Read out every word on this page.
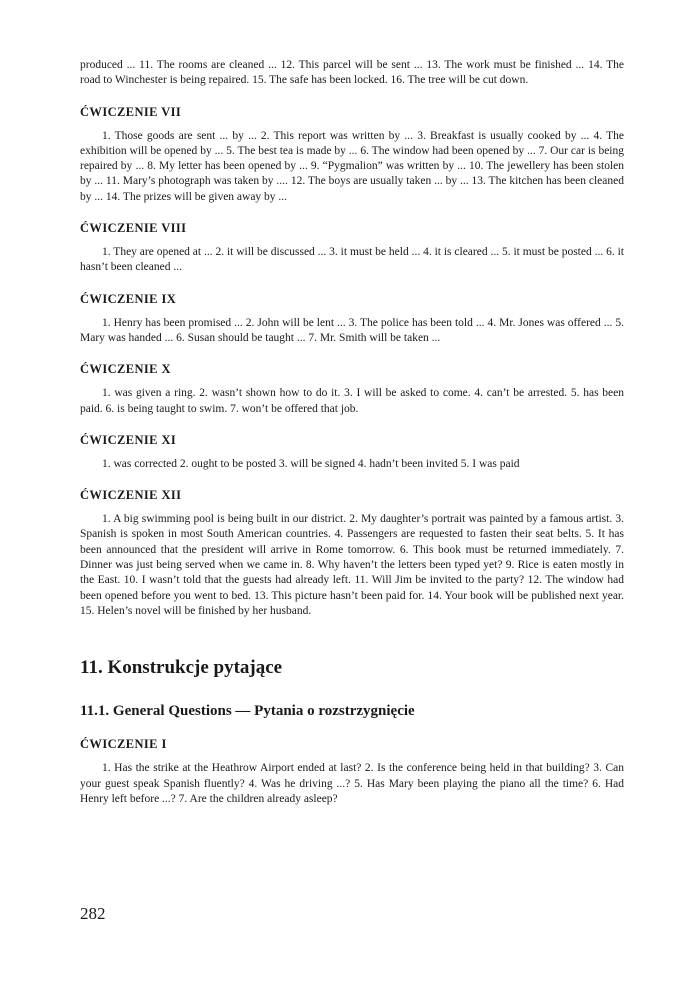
produced ... 11. The rooms are cleaned ... 12. This parcel will be sent ... 13. The work must be finished ... 14. The road to Winchester is being repaired. 15. The safe has been locked. 16. The tree will be cut down.

ĆWICZENIE VII

1. Those goods are sent ... by ... 2. This report was written by ... 3. Breakfast is usually cooked by ... 4. The exhibition will be opened by ... 5. The best tea is made by ... 6. The window had been opened by ... 7. Our car is being repaired by ... 8. My letter has been opened by ... 9. “Pygmalion” was written by ... 10. The jewellery has been stolen by ... 11. Mary’s photograph was taken by .... 12. The boys are usually taken ... by ... 13. The kitchen has been cleaned by ... 14. The prizes will be given away by ...

ĆWICZENIE VIII

1. They are opened at ... 2. it will be discussed ... 3. it must be held ... 4. it is cleared ... 5. it must be posted ... 6. it hasn’t been cleaned ...

ĆWICZENIE IX

1. Henry has been promised ... 2. John will be lent ... 3. The police has been told ... 4. Mr. Jones was offered ... 5. Mary was handed ... 6. Susan should be taught ... 7. Mr. Smith will be taken ...

ĆWICZENIE X

1. was given a ring. 2. wasn’t shown how to do it. 3. I will be asked to come. 4. can’t be arrested. 5. has been paid. 6. is being taught to swim. 7. won’t be offered that job.

ĆWICZENIE XI

1. was corrected 2. ought to be posted 3. will be signed 4. hadn’t been invited 5. I was paid

ĆWICZENIE XII

1. A big swimming pool is being built in our district. 2. My daughter’s portrait was painted by a famous artist. 3. Spanish is spoken in most South American countries. 4. Passengers are requested to fasten their seat belts. 5. It has been announced that the president will arrive in Rome tomorrow. 6. This book must be returned immediately. 7. Dinner was just being served when we came in. 8. Why haven’t the letters been typed yet? 9. Rice is eaten mostly in the East. 10. I wasn’t told that the guests had already left. 11. Will Jim be invited to the party? 12. The window had been opened before you went to bed. 13. This picture hasn’t been paid for. 14. Your book will be published next year. 15. Helen’s novel will be finished by her husband.

11. Konstrukcje pytające
11.1. General Questions — Pytania o rozstrzygnięcie
ĆWICZENIE I

1. Has the strike at the Heathrow Airport ended at last? 2. Is the conference being held in that building? 3. Can your guest speak Spanish fluently? 4. Was he driving ...? 5. Has Mary been playing the piano all the time? 6. Had Henry left before ...? 7. Are the children already asleep?

282
